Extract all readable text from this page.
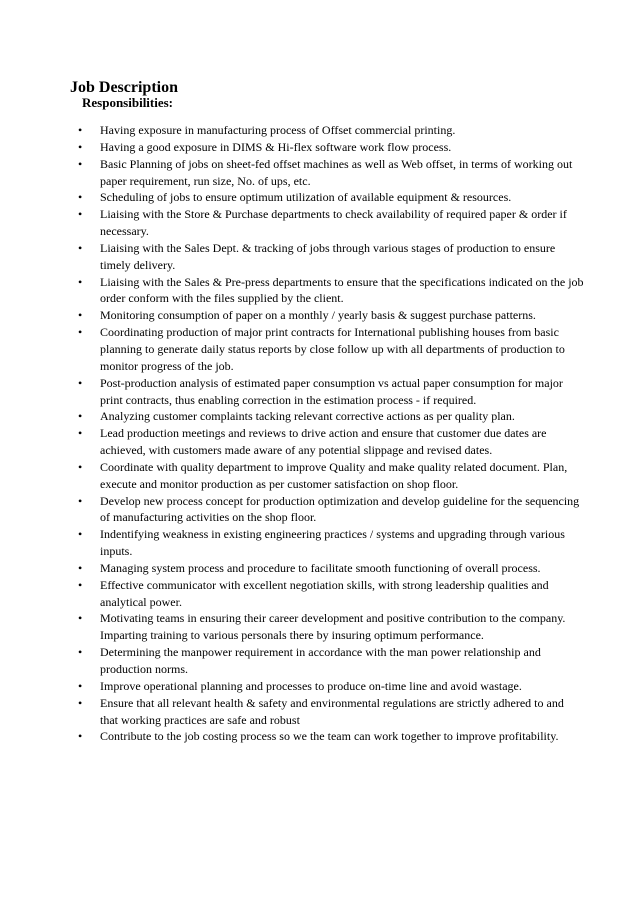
Job Description
Responsibilities:
•	Having exposure in manufacturing process of Offset commercial printing.
•	Having a good exposure in DIMS & Hi-flex software work flow process.
•	Basic Planning of jobs on sheet-fed offset machines as well as Web offset, in terms of working out paper requirement, run size, No. of ups, etc.
•	Scheduling of jobs to ensure optimum utilization of available equipment & resources.
•	Liaising with the Store & Purchase departments to check availability of required paper & order if necessary.
•	Liaising with the Sales Dept. & tracking of jobs through various stages of production to ensure timely delivery.
•	Liaising with the Sales & Pre-press departments to ensure that the specifications indicated on the job order conform with the files supplied by the client.
•	Monitoring consumption of paper on a monthly / yearly basis & suggest purchase patterns.
•	Coordinating production of major print contracts for International publishing houses from basic planning to generate daily status reports by close follow up with all departments of production to monitor progress of the job.
•	Post-production analysis of estimated paper consumption vs actual paper consumption for major print contracts, thus enabling correction in the estimation process - if required.
•	Analyzing customer complaints tacking relevant corrective actions as per quality plan.
•	Lead production meetings and reviews to drive action and ensure that customer due dates are achieved, with customers made aware of any potential slippage and revised dates.
•	Coordinate with quality department to improve Quality and make quality related document. Plan, execute and monitor production as per customer satisfaction on shop floor.
•	Develop new process concept for production optimization and develop guideline for the sequencing of manufacturing activities on the shop floor.
•	Indentifying weakness in existing engineering practices / systems and upgrading through various inputs.
•	Managing system process and procedure to facilitate smooth functioning of overall process.
•	Effective communicator with excellent negotiation skills, with strong leadership qualities and analytical power.
•	Motivating teams in ensuring their career development and positive contribution to the company. Imparting training to various personals there by insuring optimum performance.
•	Determining the manpower requirement in accordance with the man power relationship and production norms.
•	Improve operational planning and processes to produce on-time line and avoid wastage.
•	Ensure that all relevant health & safety and environmental regulations are strictly adhered to and that working practices are safe and robust
•	Contribute to the job costing process so we the team can work together to improve profitability.
